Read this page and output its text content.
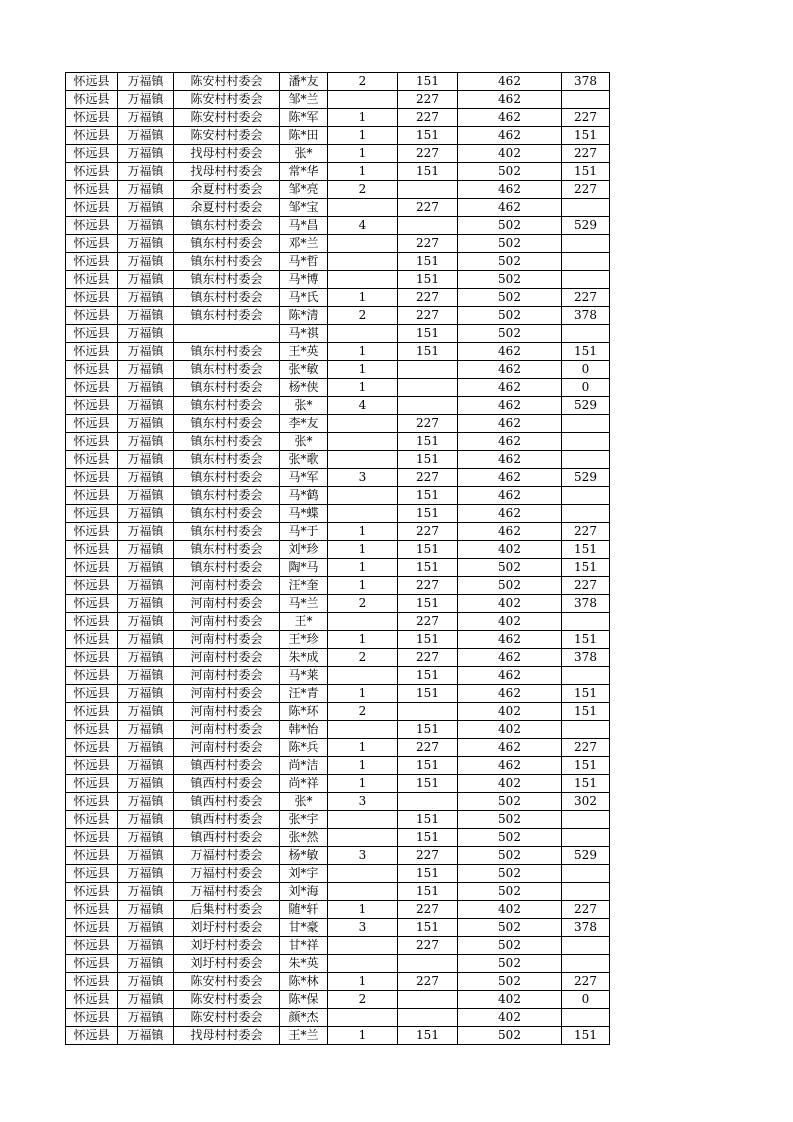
怀远县	万福镇	陈安村村委会	潘*友	2	151	462	378
怀远县	万福镇	陈安村村委会	邹*兰		227	462	
怀远县	万福镇	陈安村村委会	陈*军	1	227	462	227
怀远县	万福镇	陈安村村委会	陈*田	1	151	462	151
怀远县	万福镇	找母村村委会	张*	1	227	402	227
怀远县	万福镇	找母村村委会	常*华	1	151	502	151
怀远县	万福镇	余夏村村委会	邹*亮	2		462	227
怀远县	万福镇	余夏村村委会	邹*宝		227	462	
怀远县	万福镇	镇东村村委会	马*昌	4		502	529
怀远县	万福镇	镇东村村委会	邓*兰		227	502	
怀远县	万福镇	镇东村村委会	马*哲		151	502	
怀远县	万福镇	镇东村村委会	马*博		151	502	
怀远县	万福镇	镇东村村委会	马*氏	1	227	502	227
怀远县	万福镇	镇东村村委会	陈*清	2	227	502	378
怀远县	万福镇		马*祺		151	502	
怀远县	万福镇	镇东村村委会	王*英	1	151	462	151
怀远县	万福镇	镇东村村委会	张*敏	1		462	0
怀远县	万福镇	镇东村村委会	杨*侠	1		462	0
怀远县	万福镇	镇东村村委会	张*	4		462	529
怀远县	万福镇	镇东村村委会	李*友		227	462	
怀远县	万福镇	镇东村村委会	张*		151	462	
怀远县	万福镇	镇东村村委会	张*歌		151	462	
怀远县	万福镇	镇东村村委会	马*军	3	227	462	529
怀远县	万福镇	镇东村村委会	马*鹤		151	462	
怀远县	万福镇	镇东村村委会	马*蝶		151	462	
怀远县	万福镇	镇东村村委会	马*于	1	227	462	227
怀远县	万福镇	镇东村村委会	刘*珍	1	151	402	151
怀远县	万福镇	镇东村村委会	陶*马	1	151	502	151
怀远县	万福镇	河南村村委会	汪*奎	1	227	502	227
怀远县	万福镇	河南村村委会	马*兰	2	151	402	378
怀远县	万福镇	河南村村委会	王*		227	402	
怀远县	万福镇	河南村村委会	王*珍	1	151	462	151
怀远县	万福镇	河南村村委会	朱*成	2	227	462	378
怀远县	万福镇	河南村村委会	马*莱		151	462	
怀远县	万福镇	河南村村委会	汪*青	1	151	462	151
怀远县	万福镇	河南村村委会	陈*环	2		402	151
怀远县	万福镇	河南村村委会	韩*怡		151	402	
怀远县	万福镇	河南村村委会	陈*兵	1	227	462	227
怀远县	万福镇	镇西村村委会	尚*洁	1	151	462	151
怀远县	万福镇	镇西村村委会	尚*祥	1	151	402	151
怀远县	万福镇	镇西村村委会	张*	3		502	302
怀远县	万福镇	镇西村村委会	张*宇		151	502	
怀远县	万福镇	镇西村村委会	张*然		151	502	
怀远县	万福镇	万福村村委会	杨*敏	3	227	502	529
怀远县	万福镇	万福村村委会	刘*宇		151	502	
怀远县	万福镇	万福村村委会	刘*海		151	502	
怀远县	万福镇	后集村村委会	随*轩	1	227	402	227
怀远县	万福镇	刘圩村村委会	甘*豪	3	151	502	378
怀远县	万福镇	刘圩村村委会	甘*祥		227	502	
怀远县	万福镇	刘圩村村委会	朱*英			502	
怀远县	万福镇	陈安村村委会	陈*林	1	227	502	227
怀远县	万福镇	陈安村村委会	陈*保	2		402	0
怀远县	万福镇	陈安村村委会	颜*杰			402	
怀远县	万福镇	找母村村委会	王*兰	1	151	502	151
